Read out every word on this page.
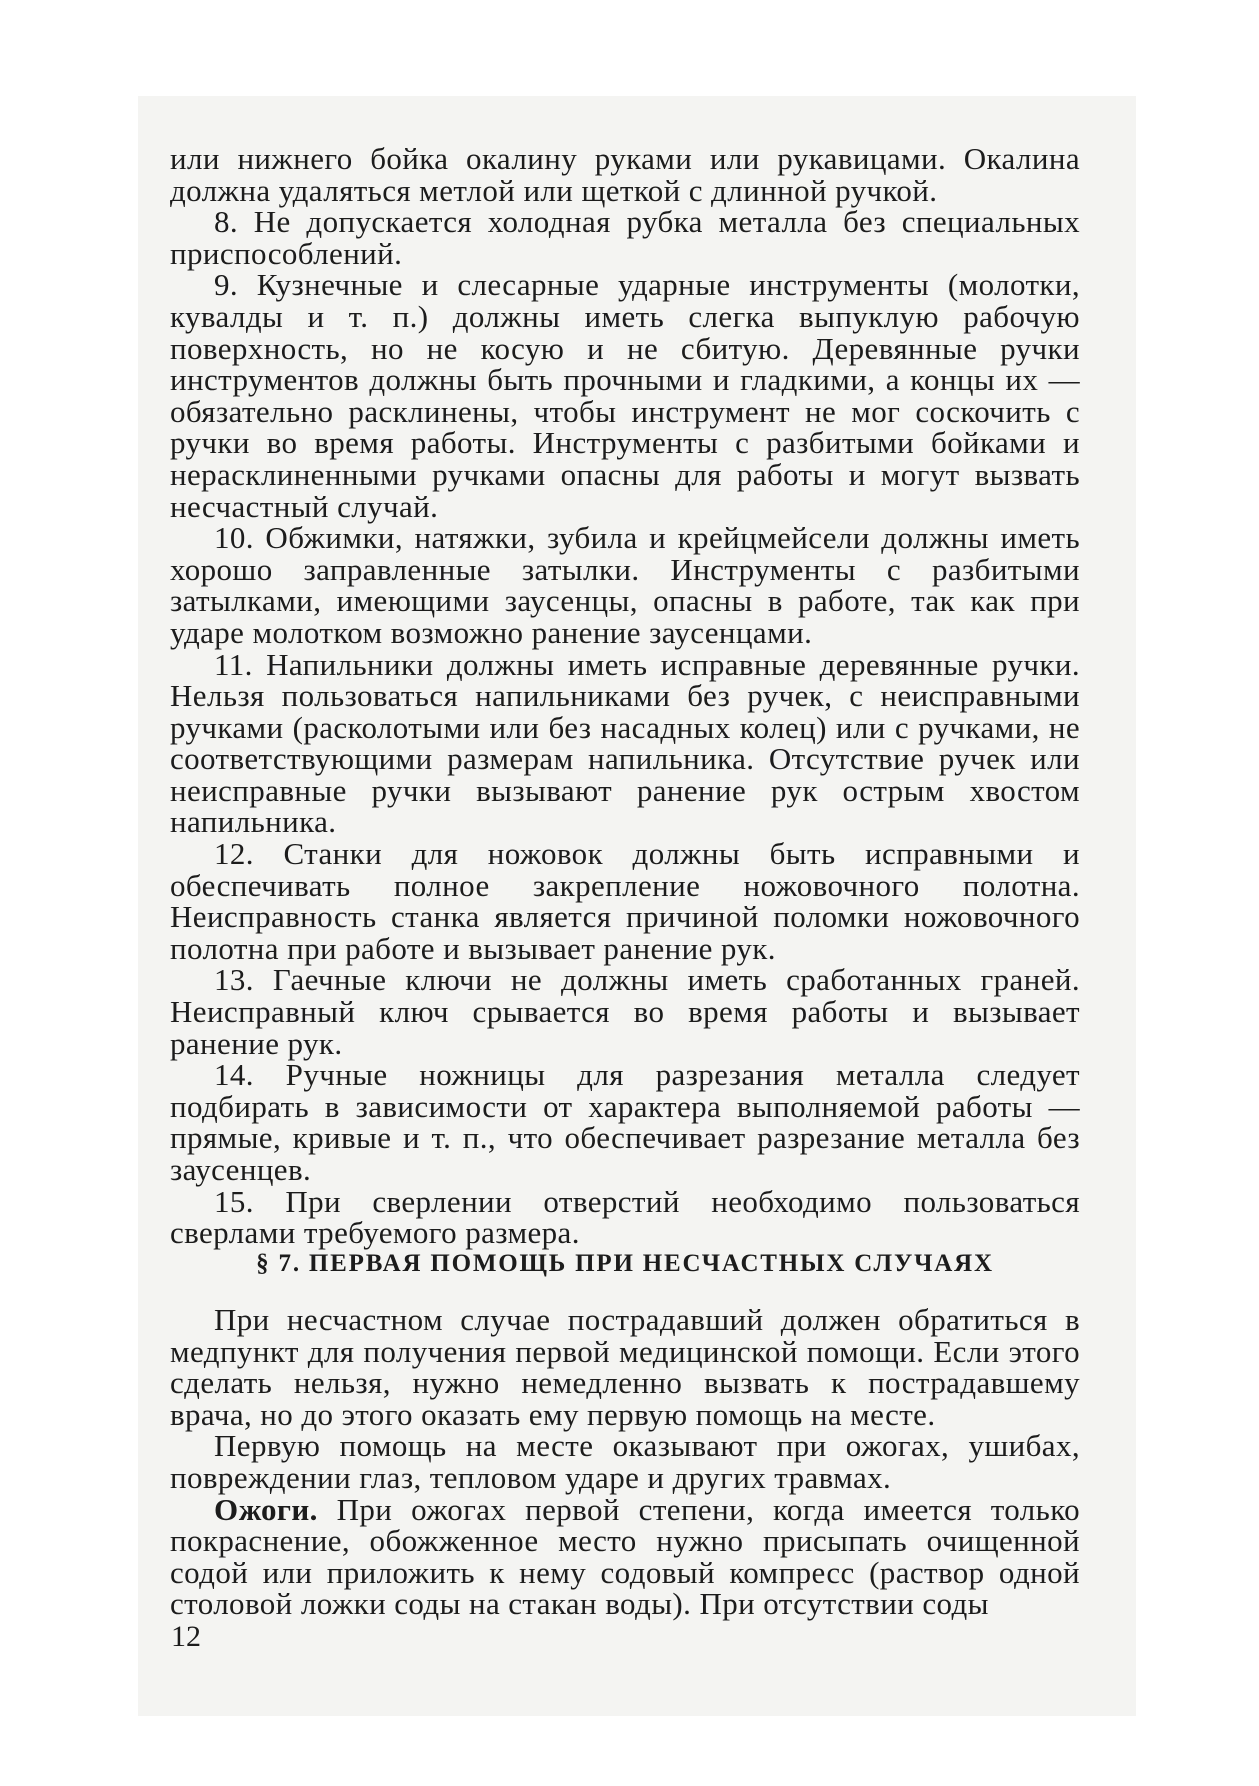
или нижнего бойка окалину руками или рукавицами. Окалина должна удаляться метлой или щеткой с длинной ручкой.

8. Не допускается холодная рубка металла без специальных приспособлений.

9. Кузнечные и слесарные ударные инструменты (молотки, кувалды и т. п.) должны иметь слегка выпуклую рабочую поверхность, но не косую и не сбитую. Деревянные ручки инструментов должны быть прочными и гладкими, а концы их — обязательно расклинены, чтобы инструмент не мог соскочить с ручки во время работы. Инструменты с разбитыми бойками и нерасклиненными ручками опасны для работы и могут вызвать несчастный случай.

10. Обжимки, натяжки, зубила и крейцмейсели должны иметь хорошо заправленные затылки. Инструменты с разбитыми затылками, имеющими заусенцы, опасны в работе, так как при ударе молотком возможно ранение заусенцами.

11. Напильники должны иметь исправные деревянные ручки. Нельзя пользоваться напильниками без ручек, с неисправными ручками (расколотыми или без насадных колец) или с ручками, не соответствующими размерам напильника. Отсутствие ручек или неисправные ручки вызывают ранение рук острым хвостом напильника.

12. Станки для ножовок должны быть исправными и обеспечивать полное закрепление ножовочного полотна. Неисправность станка является причиной поломки ножовочного полотна при работе и вызывает ранение рук.

13. Гаечные ключи не должны иметь сработанных граней. Неисправный ключ срывается во время работы и вызывает ранение рук.

14. Ручные ножницы для разрезания металла следует подбирать в зависимости от характера выполняемой работы — прямые, кривые и т. п., что обеспечивает разрезание металла без заусенцев.

15. При сверлении отверстий необходимо пользоваться сверлами требуемого размера.

§ 7. ПЕРВАЯ ПОМОЩЬ ПРИ НЕСЧАСТНЫХ СЛУЧАЯХ

При несчастном случае пострадавший должен обратиться в медпункт для получения первой медицинской помощи. Если этого сделать нельзя, нужно немедленно вызвать к пострадавшему врача, но до этого оказать ему первую помощь на месте.

Первую помощь на месте оказывают при ожогах, ушибах, повреждении глаз, тепловом ударе и других травмах.

Ожоги. При ожогах первой степени, когда имеется только покраснение, обожженное место нужно присыпать очищенной содой или приложить к нему содовый компресс (раствор одной столовой ложки соды на стакан воды). При отсутствии соды

12
